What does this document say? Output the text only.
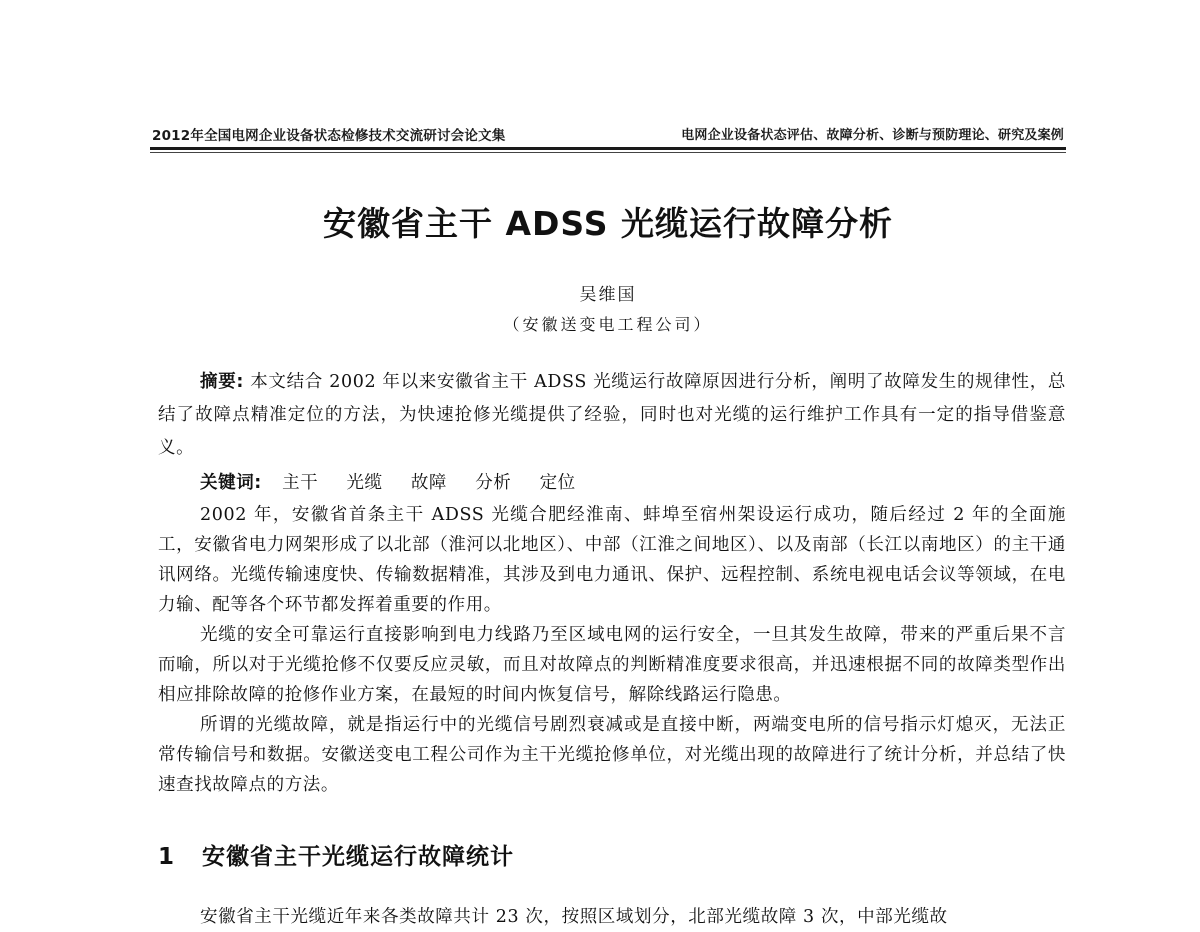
2012年全国电网企业设备状态检修技术交流研讨会论文集	电网企业设备状态评估、故障分析、诊断与预防理论、研究及案例
安徽省主干 ADSS 光缆运行故障分析
吴维国
（安徽送变电工程公司）
摘要: 本文结合 2002 年以来安徽省主干 ADSS 光缆运行故障原因进行分析，阐明了故障发生的规律性，总结了故障点精准定位的方法，为快速抢修光缆提供了经验，同时也对光缆的运行维护工作具有一定的指导借鉴意义。
关键词: 主干 光缆 故障 分析 定位

2002 年，安徽省首条主干 ADSS 光缆合肥经淮南、蚌埠至宿州架设运行成功，随后经过 2 年的全面施工，安徽省电力网架形成了以北部（淮河以北地区）、中部（江淮之间地区）、以及南部（长江以南地区）的主干通讯网络。光缆传输速度快、传输数据精准，其涉及到电力通讯、保护、远程控制、系统电视电话会议等领域，在电力输、配等各个环节都发挥着重要的作用。

光缆的安全可靠运行直接影响到电力线路乃至区域电网的运行安全，一旦其发生故障，带来的严重后果不言而喻，所以对于光缆抢修不仅要反应灵敏，而且对故障点的判断精准度要求很高，并迅速根据不同的故障类型作出相应排除故障的抢修作业方案，在最短的时间内恢复信号，解除线路运行隐患。

所谓的光缆故障，就是指运行中的光缆信号剧烈衰减或是直接中断，两端变电所的信号指示灯熄灭，无法正常传输信号和数据。安徽送变电工程公司作为主干光缆抢修单位，对光缆出现的故障进行了统计分析，并总结了快速查找故障点的方法。

1 安徽省主干光缆运行故障统计
安徽省主干光缆近年来各类故障共计 23 次，按照区域划分，北部光缆故障 3 次，中部光缆故
